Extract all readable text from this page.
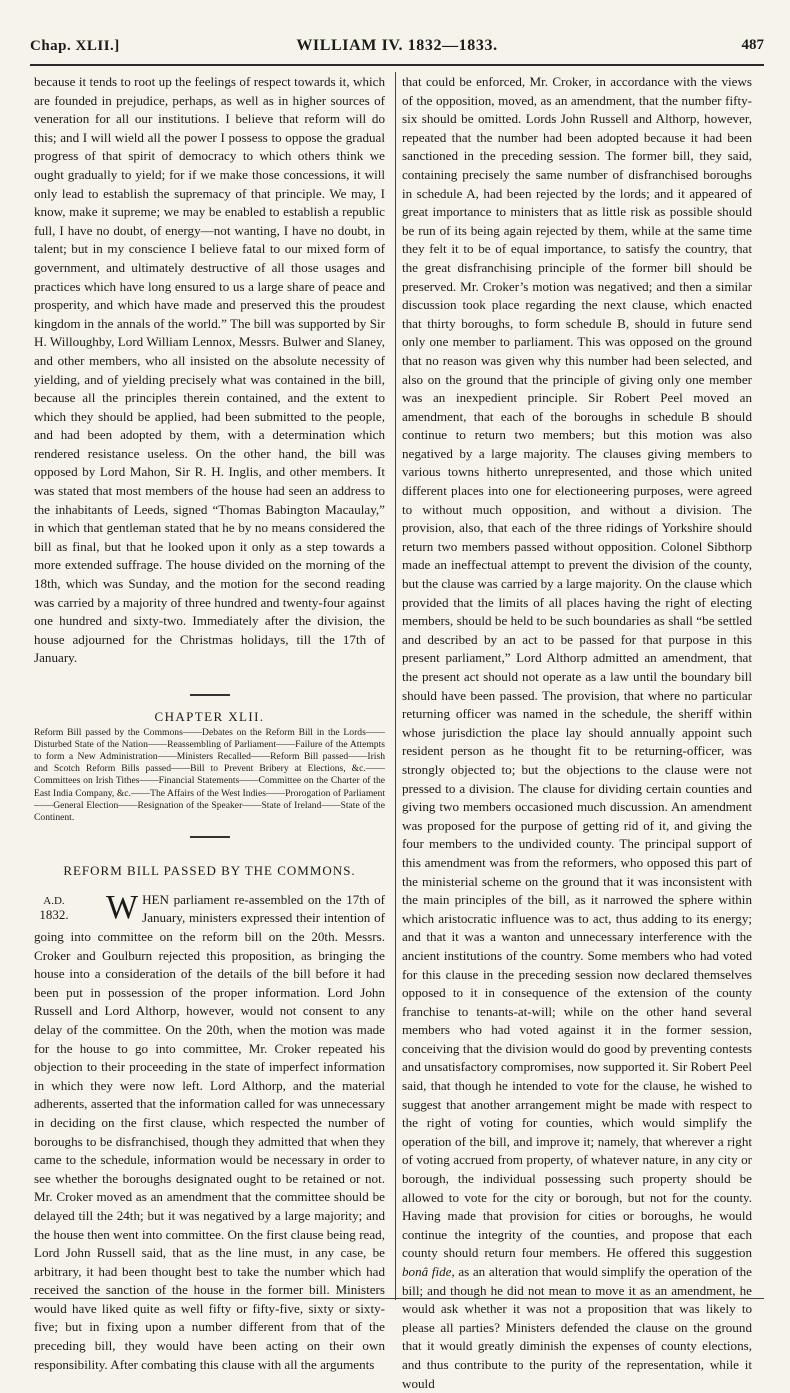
Chap. XLII.]	WILLIAM IV. 1832—1833.	487

because it tends to root up the feelings of respect towards it, which are founded in prejudice, perhaps, as well as in higher sources of veneration for all our institutions. I believe that reform will do this; and I will wield all the power I possess to oppose the gradual progress of that spirit of democracy to which others think we ought gradually to yield; for if we make those concessions, it will only lead to establish the supremacy of that principle. We may, I know, make it supreme; we may be enabled to establish a republic full, I have no doubt, of energy—not wanting, I have no doubt, in talent; but in my conscience I believe fatal to our mixed form of government, and ultimately destructive of all those usages and practices which have long ensured to us a large share of peace and prosperity, and which have made and preserved this the proudest kingdom in the annals of the world.” The bill was supported by Sir H. Willoughby, Lord William Lennox, Messrs. Bulwer and Slaney, and other members, who all insisted on the absolute necessity of yielding, and of yielding precisely what was contained in the bill, because all the principles therein contained, and the extent to which they should be applied, had been submitted to the people, and had been adopted by them, with a determination which rendered resistance useless. On the other hand, the bill was opposed by Lord Mahon, Sir R. H. Inglis, and other members. It was stated that most members of the house had seen an address to the inhabitants of Leeds, signed “Thomas Babington Macaulay,” in which that gentleman stated that he by no means considered the bill as final, but that he looked upon it only as a step towards a more extended suffrage. The house divided on the morning of the 18th, which was Sunday, and the motion for the second reading was carried by a majority of three hundred and twenty-four against one hundred and sixty-two. Immediately after the division, the house adjourned for the Christmas holidays, till the 17th of January.

CHAPTER XLII.

Reform Bill passed by the Commons——Debates on the Reform Bill in the Lords——Disturbed State of the Nation——Reassembling of Parliament——Failure of the Attempts to form a New Administration——Ministers Recalled——Reform Bill passed——Irish and Scotch Reform Bills passed——Bill to Prevent Bribery at Elections, &c.——Committees on Irish Tithes——Financial Statements——Committee on the Charter of the East India Company, &c.——The Affairs of the West Indies——Prorogation of Parliament——General Election——Resignation of the Speaker——State of Ireland——State of the Continent.

REFORM BILL PASSED BY THE COMMONS.
A.D.
1832. WHEN parliament re-assembled on the 17th of January, ministers expressed their intention of going into committee on the reform bill on the 20th. Messrs. Croker and Goulburn rejected this proposition, as bringing the house into a consideration of the details of the bill before it had been put in possession of the proper information. Lord John Russell and Lord Althorp, however, would not consent to any delay of the committee. On the 20th, when the motion was made for the house to go into committee, Mr. Croker repeated his objection to their proceeding in the state of imperfect information in which they were now left. Lord Althorp, and the material adherents, asserted that the information called for was unnecessary in deciding on the first clause, which respected the number of boroughs to be disfranchised, though they admitted that when they came to the schedule, information would be necessary in order to see whether the boroughs designated ought to be retained or not. Mr. Croker moved as an amendment that the committee should be delayed till the 24th; but it was negatived by a large majority; and the house then went into committee. On the first clause being read, Lord John Russell said, that as the line must, in any case, be arbitrary, it had been thought best to take the number which had received the sanction of the house in the former bill. Ministers would have liked quite as well fifty or fifty-five, sixty or sixty-five; but in fixing upon a number different from that of the preceding bill, they would have been acting on their own responsibility. After combating this clause with all the arguments

that could be enforced, Mr. Croker, in accordance with the views of the opposition, moved, as an amendment, that the number fifty-six should be omitted. Lords John Russell and Althorp, however, repeated that the number had been adopted because it had been sanctioned in the preceding session. The former bill, they said, containing precisely the same number of disfranchised boroughs in schedule A, had been rejected by the lords; and it appeared of great importance to ministers that as little risk as possible should be run of its being again rejected by them, while at the same time they felt it to be of equal importance, to satisfy the country, that the great disfranchising principle of the former bill should be preserved. Mr. Croker’s motion was negatived; and then a similar discussion took place regarding the next clause, which enacted that thirty boroughs, to form schedule B, should in future send only one member to parliament. This was opposed on the ground that no reason was given why this number had been selected, and also on the ground that the principle of giving only one member was an inexpedient principle. Sir Robert Peel moved an amendment, that each of the boroughs in schedule B should continue to return two members; but this motion was also negatived by a large majority. The clauses giving members to various towns hitherto unrepresented, and those which united different places into one for electioneering purposes, were agreed to without much opposition, and without a division. The provision, also, that each of the three ridings of Yorkshire should return two members passed without opposition. Colonel Sibthorp made an ineffectual attempt to prevent the division of the county, but the clause was carried by a large majority. On the clause which provided that the limits of all places having the right of electing members, should be held to be such boundaries as shall “be settled and described by an act to be passed for that purpose in this present parliament,” Lord Althorp admitted an amendment, that the present act should not operate as a law until the boundary bill should have been passed. The provision, that where no particular returning officer was named in the schedule, the sheriff within whose jurisdiction the place lay should annually appoint such resident person as he thought fit to be returning-officer, was strongly objected to; but the objections to the clause were not pressed to a division. The clause for dividing certain counties and giving two members occasioned much discussion. An amendment was proposed for the purpose of getting rid of it, and giving the four members to the undivided county. The principal support of this amendment was from the reformers, who opposed this part of the ministerial scheme on the ground that it was inconsistent with the main principles of the bill, as it narrowed the sphere within which aristocratic influence was to act, thus adding to its energy; and that it was a wanton and unnecessary interference with the ancient institutions of the country. Some members who had voted for this clause in the preceding session now declared themselves opposed to it in consequence of the extension of the county franchise to tenants-at-will; while on the other hand several members who had voted against it in the former session, conceiving that the division would do good by preventing contests and unsatisfactory compromises, now supported it. Sir Robert Peel said, that though he intended to vote for the clause, he wished to suggest that another arrangement might be made with respect to the right of voting for counties, which would simplify the operation of the bill, and improve it; namely, that wherever a right of voting accrued from property, of whatever nature, in any city or borough, the individual possessing such property should be allowed to vote for the city or borough, but not for the county. Having made that provision for cities or boroughs, he would continue the integrity of the counties, and propose that each county should return four members. He offered this suggestion bonâ fide, as an alteration that would simplify the operation of the bill; and though he did not mean to move it as an amendment, he would ask whether it was not a proposition that was likely to please all parties? Ministers defended the clause on the ground that it would greatly diminish the expenses of county elections, and thus contribute to the purity of the representation, while it would
